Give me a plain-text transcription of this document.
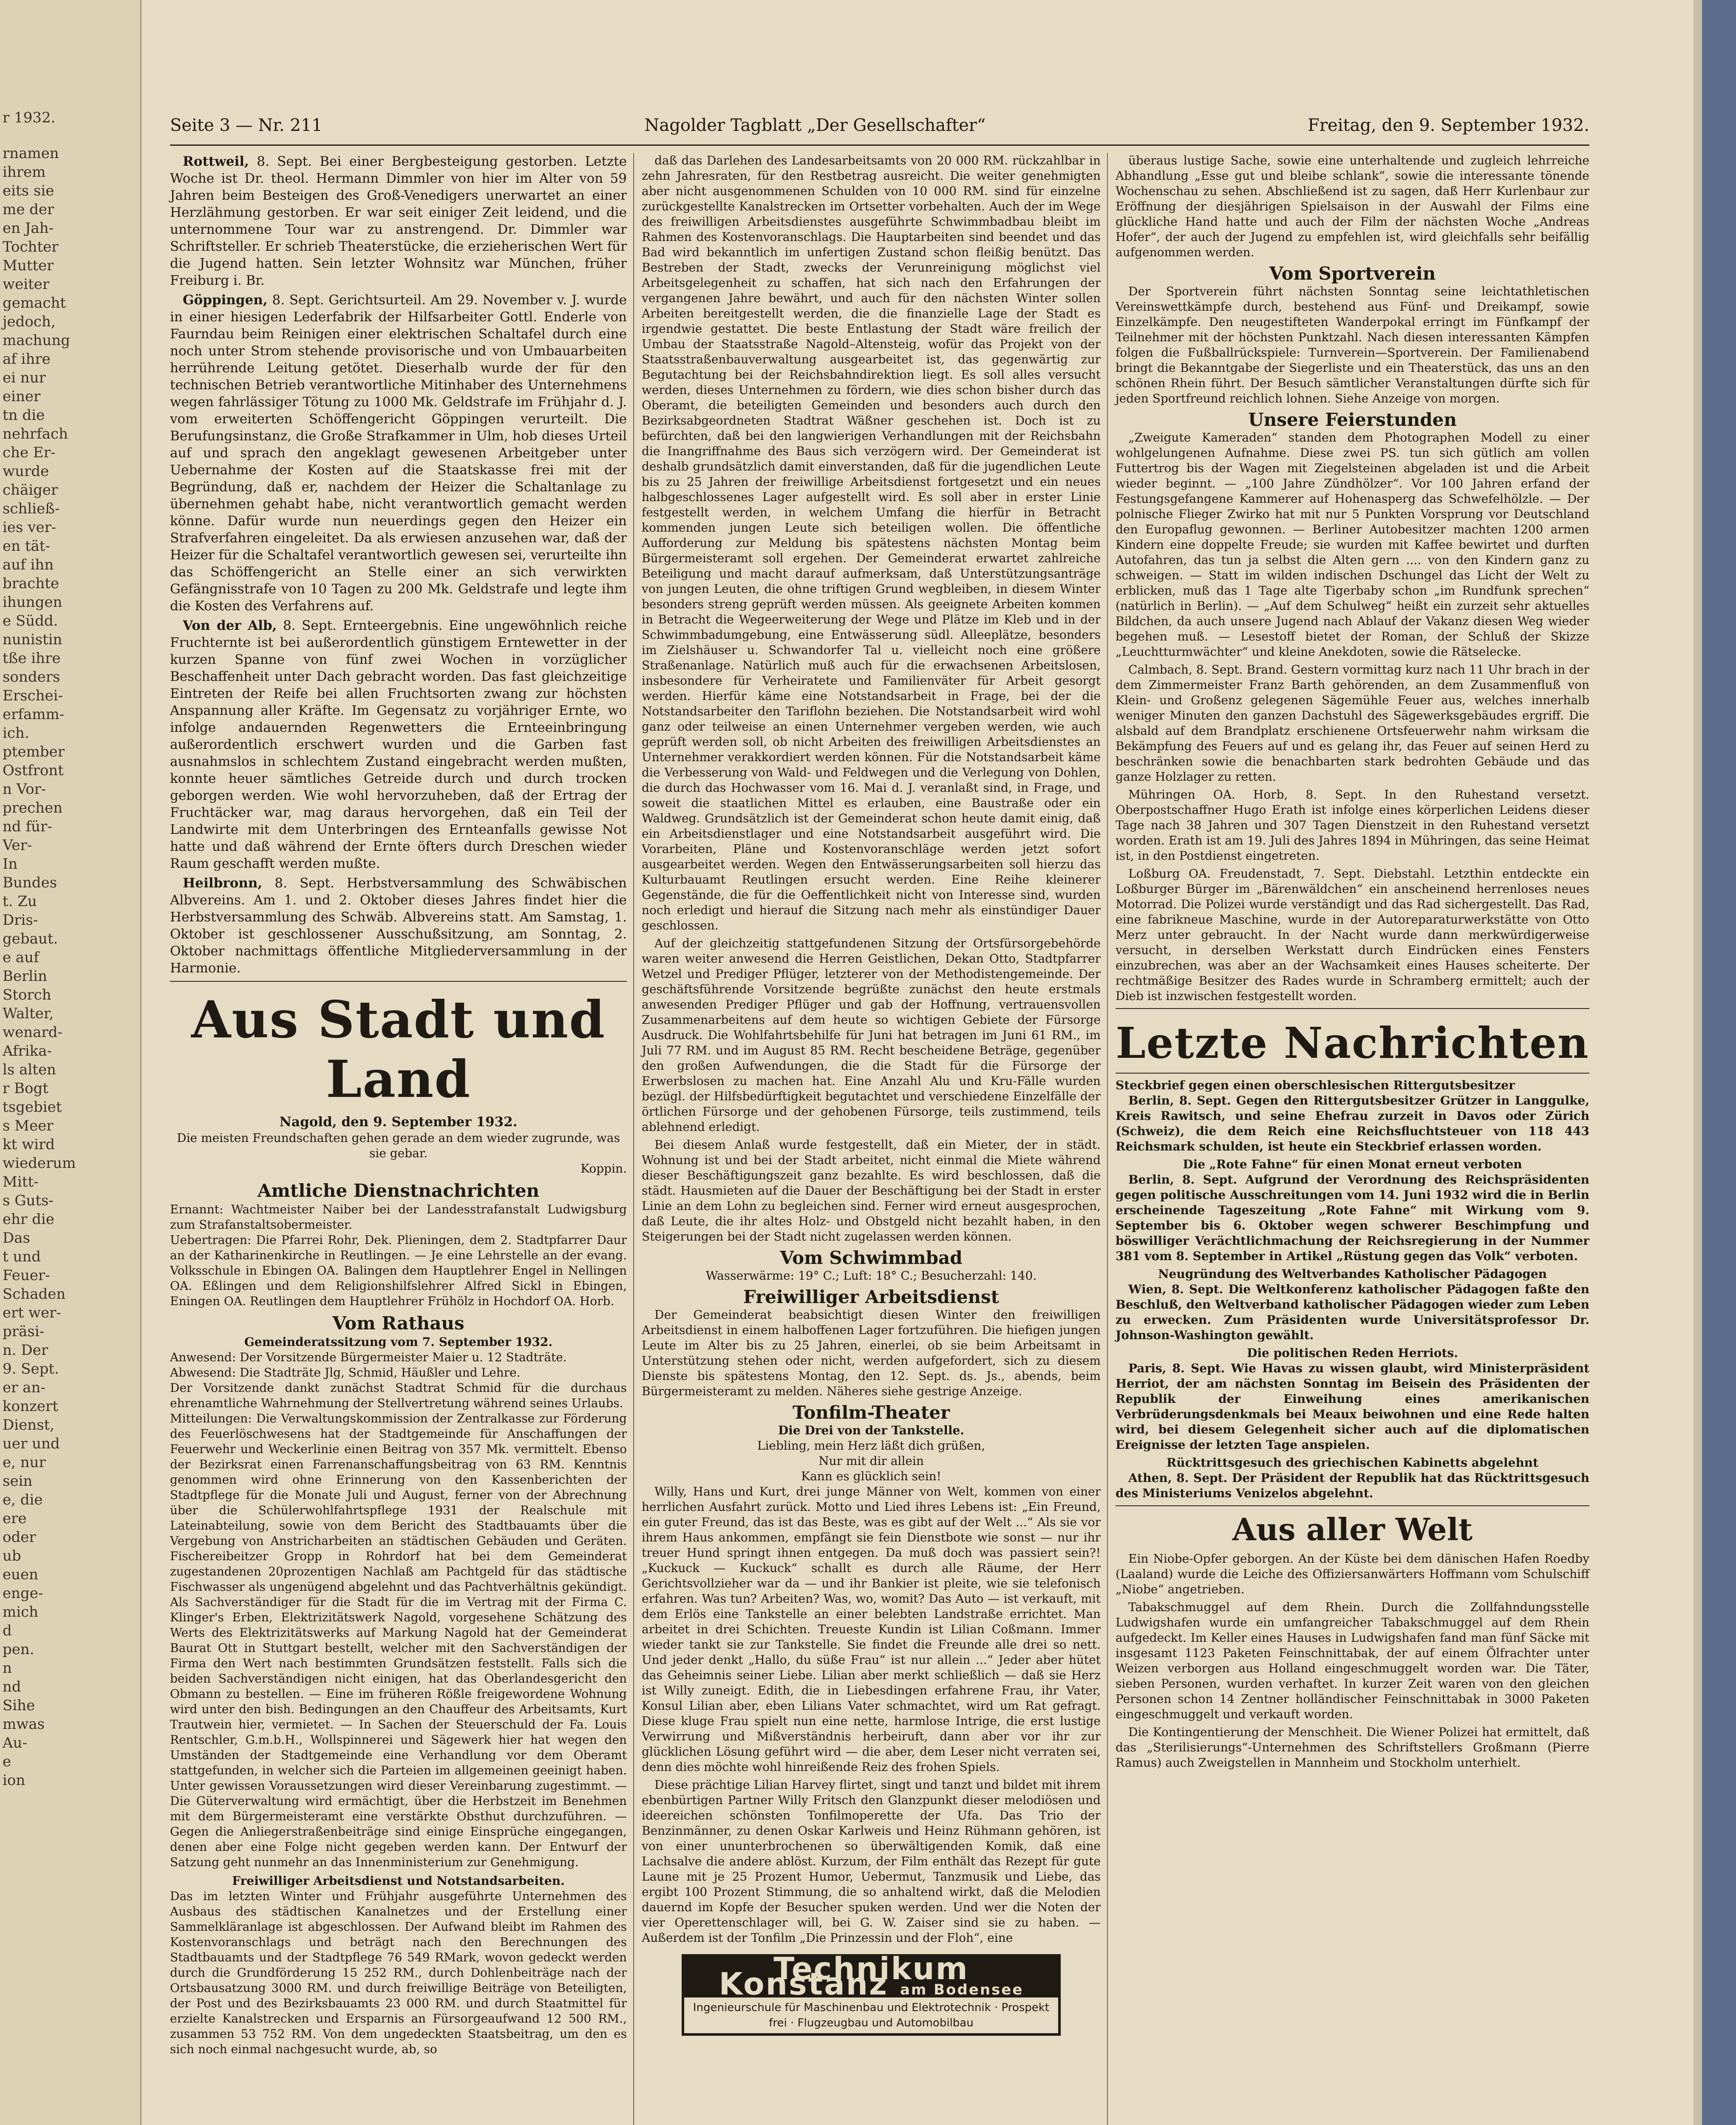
r 1932.
rnamen
ihrem
eits sie
me der
en Jah-
Tochter
Mutter
weiter
gemacht
jedoch,
machung
af ihre
ei nur
einer
tn die
nehrfach
che Er-
wurde
chäiger
schließ-
ies ver-
en tät-
auf ihn
brachte
ihungen
e Südd.
nunistin
tße ihre
sonders
Erschei-
erfamm-
ich.
ptember
Ostfront
n Vor-
prechen
nd für-
Ver-
In
Bundes
t. Zu
Dris-
gebaut.
e auf
Berlin
Storch
Walter,
wenard-
Afrika-
ls alten
r Bogt
tsgebiet
s Meer
kt wird
wiederum
Mitt-
s Guts-
ehr die
Das
t und
Feuer-
Schaden
ert wer-
präsi-
n. Der
9. Sept.
er an-
konzert
Dienst,
uer und
e, nur
sein
e, die
ere
oder
ub
euen
enge-
mich
d
pen.
n
nd
Sihe
mwas
Au-
e
ion
Seite 3 — Nr. 211	Nagolder Tagblatt „Der Gesellschafter“	Freitag, den 9. September 1932.

Rottweil, 8. Sept. Bei einer Bergbesteigung gestorben. Letzte Woche ist Dr. theol. Hermann Dimmler von hier im Alter von 59 Jahren beim Besteigen des Groß-Venedigers unerwartet an einer Herzlähmung gestorben. Er war seit einiger Zeit leidend, und die unternommene Tour war zu anstrengend. Dr. Dimmler war Schriftsteller. Er schrieb Theaterstücke, die erzieherischen Wert für die Jugend hatten. Sein letzter Wohnsitz war München, früher Freiburg i. Br.

Göppingen, 8. Sept. Gerichtsurteil. Am 29. November v. J. wurde in einer hiesigen Lederfabrik der Hilfsarbeiter Gottl. Enderle von Faurndau beim Reinigen einer elektrischen Schaltafel durch eine noch unter Strom stehende provisorische und von Umbauarbeiten herrührende Leitung getötet. Dieserhalb wurde der für den technischen Betrieb verantwortliche Mitinhaber des Unternehmens wegen fahrlässiger Tötung zu 1000 Mk. Geldstrafe im Frühjahr d. J. vom erweiterten Schöffengericht Göppingen verurteilt. Die Berufungsinstanz, die Große Strafkammer in Ulm, hob dieses Urteil auf und sprach den angeklagt gewesenen Arbeitgeber unter Uebernahme der Kosten auf die Staatskasse frei mit der Begründung, daß er, nachdem der Heizer die Schaltanlage zu übernehmen gehabt habe, nicht verantwortlich gemacht werden könne. Dafür wurde nun neuerdings gegen den Heizer ein Strafverfahren eingeleitet. Da als erwiesen anzusehen war, daß der Heizer für die Schaltafel verantwortlich gewesen sei, verurteilte ihn das Schöffengericht an Stelle einer an sich verwirkten Gefängnisstrafe von 10 Tagen zu 200 Mk. Geldstrafe und legte ihm die Kosten des Verfahrens auf.

Von der Alb, 8. Sept. Ernteergebnis. Eine ungewöhnlich reiche Fruchternte ist bei außerordentlich günstigem Erntewetter in der kurzen Spanne von fünf zwei Wochen in vorzüglicher Beschaffenheit unter Dach gebracht worden. Das fast gleichzeitige Eintreten der Reife bei allen Fruchtsorten zwang zur höchsten Anspannung aller Kräfte. Im Gegensatz zu vorjähriger Ernte, wo infolge andauernden Regenwetters die Ernteeinbringung außerordentlich erschwert wurden und die Garben fast ausnahmslos in schlechtem Zustand eingebracht werden mußten, konnte heuer sämtliches Getreide durch und durch trocken geborgen werden. Wie wohl hervorzuheben, daß der Ertrag der Fruchtäcker war, mag daraus hervorgehen, daß ein Teil der Landwirte mit dem Unterbringen des Ernteanfalls gewisse Not hatte und daß während der Ernte öfters durch Dreschen wieder Raum geschafft werden mußte.

Heilbronn, 8. Sept. Herbstversammlung des Schwäbischen Albvereins. Am 1. und 2. Oktober dieses Jahres findet hier die Herbstversammlung des Schwäb. Albvereins statt. Am Samstag, 1. Oktober ist geschlossener Ausschußsitzung, am Sonntag, 2. Oktober nachmittags öffentliche Mitgliederversammlung in der Harmonie.

Aus Stadt und Land
Nagold, den 9. September 1932.
Die meisten Freundschaften gehen gerade an dem wieder zugrunde, was sie gebar.
Koppin.
Amtliche Dienstnachrichten
Ernannt: Wachtmeister Naiber bei der Landesstrafanstalt Ludwigsburg zum Strafanstaltsobermeister.
Uebertragen: Die Pfarrei Rohr, Dek. Plieningen, dem 2. Stadtpfarrer Daur an der Katharinenkirche in Reutlingen. — Je eine Lehrstelle an der evang. Volksschule in Ebingen OA. Balingen dem Hauptlehrer Engel in Nellingen OA. Eßlingen und dem Religionshilfslehrer Alfred Sickl in Ebingen, Eningen OA. Reutlingen dem Hauptlehrer Frühölz in Hochdorf OA. Horb.
Vom Rathaus
Gemeinderatssitzung vom 7. September 1932.
Anwesend: Der Vorsitzende Bürgermeister Maier u. 12 Stadträte.
Abwesend: Die Stadträte Jlg, Schmid, Häußler und Lehre.
Der Vorsitzende dankt zunächst Stadtrat Schmid für die durchaus ehrenamtliche Wahrnehmung der Stellvertretung während seines Urlaubs.
Mitteilungen: Die Verwaltungskommission der Zentralkasse zur Förderung des Feuerlöschwesens hat der Stadtgemeinde für Anschaffungen der Feuerwehr und Weckerlinie einen Beitrag von 357 Mk. vermittelt. Ebenso der Bezirksrat einen Farrenanschaffungsbeitrag von 63 RM. Kenntnis genommen wird ohne Erinnerung von den Kassenberichten der Stadtpflege für die Monate Juli und August, ferner von der Abrechnung über die Schülerwohlfahrtspflege 1931 der Realschule mit Lateinabteilung, sowie von dem Bericht des Stadtbauamts über die Vergebung von Anstricharbeiten an städtischen Gebäuden und Geräten. Fischereibeitzer Gropp in Rohrdorf hat bei dem Gemeinderat zugestandenen 20prozentigen Nachlaß am Pachtgeld für das städtische Fischwasser als ungenügend abgelehnt und das Pachtverhältnis gekündigt. Als Sachverständiger für die Stadt für die im Vertrag mit der Firma C. Klinger's Erben, Elektrizitätswerk Nagold, vorgesehene Schätzung des Werts des Elektrizitätswerks auf Markung Nagold hat der Gemeinderat Baurat Ott in Stuttgart bestellt, welcher mit den Sachverständigen der Firma den Wert nach bestimmten Grundsätzen feststellt. Falls sich die beiden Sachverständigen nicht einigen, hat das Oberlandesgericht den Obmann zu bestellen. — Eine im früheren Rößle freigewordene Wohnung wird unter den bish. Bedingungen an den Chauffeur des Arbeitsamts, Kurt Trautwein hier, vermietet. — In Sachen der Steuerschuld der Fa. Louis Rentschler, G.m.b.H., Wollspinnerei und Sägewerk hier hat wegen den Umständen der Stadtgemeinde eine Verhandlung vor dem Oberamt stattgefunden, in welcher sich die Parteien im allgemeinen geeinigt haben. Unter gewissen Voraussetzungen wird dieser Vereinbarung zugestimmt. — Die Güterverwaltung wird ermächtigt, über die Herbstzeit im Benehmen mit dem Bürgermeisteramt eine verstärkte Obsthut durchzuführen. — Gegen die Anliegerstraßenbeiträge sind einige Einsprüche eingegangen, denen aber eine Folge nicht gegeben werden kann. Der Entwurf der Satzung geht nunmehr an das Innenministerium zur Genehmigung.
Freiwilliger Arbeitsdienst und Notstandsarbeiten.
Das im letzten Winter und Frühjahr ausgeführte Unternehmen des Ausbaus des städtischen Kanalnetzes und der Erstellung einer Sammelkläranlage ist abgeschlossen. Der Aufwand bleibt im Rahmen des Kostenvoranschlags und beträgt nach den Berechnungen des Stadtbauamts und der Stadtpflege 76 549 RMark, wovon gedeckt werden durch die Grundförderung 15 252 RM., durch Dohlenbeiträge nach der Ortsbausatzung 3000 RM. und durch freiwillige Beiträge von Beteiligten, der Post und des Bezirksbauamts 23 000 RM. und durch Staatmittel für erzielte Kanalstrecken und Ersparnis an Fürsorgeaufwand 12 500 RM., zusammen 53 752 RM. Von dem ungedeckten Staatsbeitrag, um den es sich noch einmal nachgesucht wurde, ab, so

daß das Darlehen des Landesarbeitsamts von 20 000 RM. rückzahlbar in zehn Jahresraten, für den Restbetrag ausreicht. Die weiter genehmigten aber nicht ausgenommenen Schulden von 10 000 RM. sind für einzelne zurückgestellte Kanalstrecken im Ortsetter vorbehalten. Auch der im Wege des freiwilligen Arbeitsdienstes ausgeführte Schwimmbadbau bleibt im Rahmen des Kostenvoranschlags. Die Hauptarbeiten sind beendet und das Bad wird bekanntlich im unfertigen Zustand schon fleißig benützt. Das Bestreben der Stadt, zwecks der Verunreinigung möglichst viel Arbeitsgelegenheit zu schaffen, hat sich nach den Erfahrungen der vergangenen Jahre bewährt, und auch für den nächsten Winter sollen Arbeiten bereitgestellt werden, die die finanzielle Lage der Stadt es irgendwie gestattet. Die beste Entlastung der Stadt wäre freilich der Umbau der Staatsstraße Nagold–Altensteig, wofür das Projekt von der Staatsstraßenbauverwaltung ausgearbeitet ist, das gegenwärtig zur Begutachtung bei der Reichsbahndirektion liegt. Es soll alles versucht werden, dieses Unternehmen zu fördern, wie dies schon bisher durch das Oberamt, die beteiligten Gemeinden und besonders auch durch den Bezirksabgeordneten Stadtrat Wäßner geschehen ist. Doch ist zu befürchten, daß bei den langwierigen Verhandlungen mit der Reichsbahn die Inangriffnahme des Baus sich verzögern wird. Der Gemeinderat ist deshalb grundsätzlich damit einverstanden, daß für die jugendlichen Leute bis zu 25 Jahren der freiwillige Arbeitsdienst fortgesetzt und ein neues halbgeschlossenes Lager aufgestellt wird. Es soll aber in erster Linie festgestellt werden, in welchem Umfang die hierfür in Betracht kommenden jungen Leute sich beteiligen wollen. Die öffentliche Aufforderung zur Meldung bis spätestens nächsten Montag beim Bürgermeisteramt soll ergehen. Der Gemeinderat erwartet zahlreiche Beteiligung und macht darauf aufmerksam, daß Unterstützungsanträge von jungen Leuten, die ohne triftigen Grund wegbleiben, in diesem Winter besonders streng geprüft werden müssen. Als geeignete Arbeiten kommen in Betracht die Wegeerweiterung der Wege und Plätze im Kleb und in der Schwimmbadumgebung, eine Entwässerung südl. Alleeplätze, besonders im Zielshäuser u. Schwandorfer Tal u. vielleicht noch eine größere Straßenanlage. Natürlich muß auch für die erwachsenen Arbeitslosen, insbesondere für Verheiratete und Familienväter für Arbeit gesorgt werden. Hierfür käme eine Notstandsarbeit in Frage, bei der die Notstandsarbeiter den Tariflohn beziehen. Die Notstandsarbeit wird wohl ganz oder teilweise an einen Unternehmer vergeben werden, wie auch geprüft werden soll, ob nicht Arbeiten des freiwilligen Arbeitsdienstes an Unternehmer verakkordiert werden können. Für die Notstandsarbeit käme die Verbesserung von Wald- und Feldwegen und die Verlegung von Dohlen, die durch das Hochwasser vom 16. Mai d. J. veranlaßt sind, in Frage, und soweit die staatlichen Mittel es erlauben, eine Baustraße oder ein Waldweg. Grundsätzlich ist der Gemeinderat schon heute damit einig, daß ein Arbeitsdienstlager und eine Notstandsarbeit ausgeführt wird. Die Vorarbeiten, Pläne und Kostenvoranschläge werden jetzt sofort ausgearbeitet werden. Wegen den Entwässerungsarbeiten soll hierzu das Kulturbauamt Reutlingen ersucht werden. Eine Reihe kleinerer Gegenstände, die für die Oeffentlichkeit nicht von Interesse sind, wurden noch erledigt und hierauf die Sitzung nach mehr als einstündiger Dauer geschlossen.

Auf der gleichzeitig stattgefundenen Sitzung der Ortsfürsorgebehörde waren weiter anwesend die Herren Geistlichen, Dekan Otto, Stadtpfarrer Wetzel und Prediger Pflüger, letzterer von der Methodistengemeinde. Der geschäftsführende Vorsitzende begrüßte zunächst den heute erstmals anwesenden Prediger Pflüger und gab der Hoffnung, vertrauensvollen Zusammenarbeitens auf dem heute so wichtigen Gebiete der Fürsorge Ausdruck. Die Wohlfahrtsbehilfe für Juni hat betragen im Juni 61 RM., im Juli 77 RM. und im August 85 RM. Recht bescheidene Beträge, gegenüber den großen Aufwendungen, die die Stadt für die Fürsorge der Erwerbslosen zu machen hat. Eine Anzahl Alu und Kru-Fälle wurden bezügl. der Hilfsbedürftigkeit begutachtet und verschiedene Einzelfälle der örtlichen Fürsorge und der gehobenen Fürsorge, teils zustimmend, teils ablehnend erledigt.

Bei diesem Anlaß wurde festgestellt, daß ein Mieter, der in städt. Wohnung ist und bei der Stadt arbeitet, nicht einmal die Miete während dieser Beschäftigungszeit ganz bezahlte. Es wird beschlossen, daß die städt. Hausmieten auf die Dauer der Beschäftigung bei der Stadt in erster Linie an dem Lohn zu begleichen sind. Ferner wird erneut ausgesprochen, daß Leute, die ihr altes Holz- und Obstgeld nicht bezahlt haben, in den Steigerungen bei der Stadt nicht zugelassen werden können.

Vom Schwimmbad
Wasserwärme: 19° C.; Luft: 18° C.; Besucherzahl: 140.
Freiwilliger Arbeitsdienst

Der Gemeinderat beabsichtigt diesen Winter den freiwilligen Arbeitsdienst in einem halboffenen Lager fortzuführen. Die hiefigen jungen Leute im Alter bis zu 25 Jahren, einerlei, ob sie beim Arbeitsamt in Unterstützung stehen oder nicht, werden aufgefordert, sich zu diesem Dienste bis spätestens Montag, den 12. Sept. ds. Js., abends, beim Bürgermeisteramt zu melden. Näheres siehe gestrige Anzeige.

Tonfilm-Theater
Die Drei von der Tankstelle.
Liebling, mein Herz läßt dich grüßen,
Nur mit dir allein
Kann es glücklich sein!

Willy, Hans und Kurt, drei junge Männer von Welt, kommen von einer herrlichen Ausfahrt zurück. Motto und Lied ihres Lebens ist: „Ein Freund, ein guter Freund, das ist das Beste, was es gibt auf der Welt ...“ Als sie vor ihrem Haus ankommen, empfängt sie fein Dienstbote wie sonst — nur ihr treuer Hund springt ihnen entgegen. Da muß doch was passiert sein?! „Kuckuck — Kuckuck“ schallt es durch alle Räume, der Herr Gerichtsvollzieher war da — und ihr Bankier ist pleite, wie sie telefonisch erfahren. Was tun? Arbeiten? Was, wo, womit? Das Auto — ist verkauft, mit dem Erlös eine Tankstelle an einer belebten Landstraße errichtet. Man arbeitet in drei Schichten. Treueste Kundin ist Lilian Coßmann. Immer wieder tankt sie zur Tankstelle. Sie findet die Freunde alle drei so nett. Und jeder denkt „Hallo, du süße Frau“ ist nur allein ...“ Jeder aber hütet das Geheimnis seiner Liebe. Lilian aber merkt schließlich — daß sie Herz ist Willy zuneigt. Edith, die in Liebesdingen erfahrene Frau, ihr Vater, Konsul Lilian aber, eben Lilians Vater schmachtet, wird um Rat gefragt. Diese kluge Frau spielt nun eine nette, harmlose Intrige, die erst lustige Verwirrung und Mißverständnis herbeiruft, dann aber vor ihr zur glücklichen Lösung geführt wird — die aber, dem Leser nicht verraten sei, denn dies möchte wohl hinreißende Reiz des frohen Spiels.

Diese prächtige Lilian Harvey flirtet, singt und tanzt und bildet mit ihrem ebenbürtigen Partner Willy Fritsch den Glanzpunkt dieser melodiösen und ideereichen schönsten Tonfilmoperette der Ufa. Das Trio der Benzinmänner, zu denen Oskar Karlweis und Heinz Rühmann gehören, ist von einer ununterbrochenen so überwältigenden Komik, daß eine Lachsalve die andere ablöst. Kurzum, der Film enthält das Rezept für gute Laune mit je 25 Prozent Humor, Uebermut, Tanzmusik und Liebe, das ergibt 100 Prozent Stimmung, die so anhaltend wirkt, daß die Melodien dauernd im Kopfe der Besucher spuken werden. Und wer die Noten der vier Operettenschlager will, bei G. W. Zaiser sind sie zu haben. — Außerdem ist der Tonfilm „Die Prinzessin und der Floh“, eine

Technikum Konstanz am Bodensee
Ingenieurschule für Maschinenbau und Elektrotechnik · Prospekt frei · Flugzeugbau und Automobilbau

überaus lustige Sache, sowie eine unterhaltende und zugleich lehrreiche Abhandlung „Esse gut und bleibe schlank“, sowie die interessante tönende Wochenschau zu sehen. Abschließend ist zu sagen, daß Herr Kurlenbaur zur Eröffnung der diesjährigen Spielsaison in der Auswahl der Films eine glückliche Hand hatte und auch der Film der nächsten Woche „Andreas Hofer“, der auch der Jugend zu empfehlen ist, wird gleichfalls sehr beifällig aufgenommen werden.

Vom Sportverein

Der Sportverein führt nächsten Sonntag seine leichtathletischen Vereinswettkämpfe durch, bestehend aus Fünf- und Dreikampf, sowie Einzelkämpfe. Den neugestifteten Wanderpokal erringt im Fünfkampf der Teilnehmer mit der höchsten Punktzahl. Nach diesen interessanten Kämpfen folgen die Fußballrückspiele: Turnverein—Sportverein. Der Familienabend bringt die Bekanntgabe der Siegerliste und ein Theaterstück, das uns an den schönen Rhein führt. Der Besuch sämtlicher Veranstaltungen dürfte sich für jeden Sportfreund reichlich lohnen. Siehe Anzeige von morgen.

Unsere Feierstunden

„Zweigute Kameraden“ standen dem Photographen Modell zu einer wohlgelungenen Aufnahme. Diese zwei PS. tun sich gütlich am vollen Futtertrog bis der Wagen mit Ziegelsteinen abgeladen ist und die Arbeit wieder beginnt. — „100 Jahre Zündhölzer“. Vor 100 Jahren erfand der Festungsgefangene Kammerer auf Hohenasperg das Schwefelhölzle. — Der polnische Flieger Zwirko hat mit nur 5 Punkten Vorsprung vor Deutschland den Europaflug gewonnen. — Berliner Autobesitzer machten 1200 armen Kindern eine doppelte Freude; sie wurden mit Kaffee bewirtet und durften Autofahren, das tun ja selbst die Alten gern .... von den Kindern ganz zu schweigen. — Statt im wilden indischen Dschungel das Licht der Welt zu erblicken, muß das 1 Tage alte Tigerbaby schon „im Rundfunk sprechen“ (natürlich in Berlin). — „Auf dem Schulweg“ heißt ein zurzeit sehr aktuelles Bildchen, da auch unsere Jugend nach Ablauf der Vakanz diesen Weg wieder begehen muß. — Lesestoff bietet der Roman, der Schluß der Skizze „Leuchtturmwächter“ und kleine Anekdoten, sowie die Rätselecke.

Calmbach, 8. Sept. Brand. Gestern vormittag kurz nach 11 Uhr brach in der dem Zimmermeister Franz Barth gehörenden, an dem Zusammenfluß von Klein- und Großenz gelegenen Sägemühle Feuer aus, welches innerhalb weniger Minuten den ganzen Dachstuhl des Sägewerksgebäudes ergriff. Die alsbald auf dem Brandplatz erschienene Ortsfeuerwehr nahm wirksam die Bekämpfung des Feuers auf und es gelang ihr, das Feuer auf seinen Herd zu beschränken sowie die benachbarten stark bedrohten Gebäude und das ganze Holzlager zu retten.

Mühringen OA. Horb, 8. Sept. In den Ruhestand versetzt. Oberpostschaffner Hugo Erath ist infolge eines körperlichen Leidens dieser Tage nach 38 Jahren und 307 Tagen Dienstzeit in den Ruhestand versetzt worden. Erath ist am 19. Juli des Jahres 1894 in Mühringen, das seine Heimat ist, in den Postdienst eingetreten.

Loßburg OA. Freudenstadt, 7. Sept. Diebstahl. Letzthin entdeckte ein Loßburger Bürger im „Bärenwäldchen“ ein anscheinend herrenloses neues Motorrad. Die Polizei wurde verständigt und das Rad sichergestellt. Das Rad, eine fabrikneue Maschine, wurde in der Autoreparaturwerkstätte von Otto Merz unter gebraucht. In der Nacht wurde dann merkwürdigerweise versucht, in derselben Werkstatt durch Eindrücken eines Fensters einzubrechen, was aber an der Wachsamkeit eines Hauses scheiterte. Der rechtmäßige Besitzer des Rades wurde in Schramberg ermittelt; auch der Dieb ist inzwischen festgestellt worden.

Letzte Nachrichten
Steckbrief gegen einen oberschlesischen Rittergutsbesitzer

Berlin, 8. Sept. Gegen den Rittergutsbesitzer Grützer in Langgulke, Kreis Rawitsch, und seine Ehefrau zurzeit in Davos oder Zürich (Schweiz), die dem Reich eine Reichsfluchtsteuer von 118 443 Reichsmark schulden, ist heute ein Steckbrief erlassen worden.

Die „Rote Fahne“ für einen Monat erneut verboten

Berlin, 8. Sept. Aufgrund der Verordnung des Reichspräsidenten gegen politische Ausschreitungen vom 14. Juni 1932 wird die in Berlin erscheinende Tageszeitung „Rote Fahne“ mit Wirkung vom 9. September bis 6. Oktober wegen schwerer Beschimpfung und böswilliger Verächtlichmachung der Reichsregierung in der Nummer 381 vom 8. September in Artikel „Rüstung gegen das Volk“ verboten.

Neugründung des Weltverbandes Katholischer Pädagogen

Wien, 8. Sept. Die Weltkonferenz katholischer Pädagogen faßte den Beschluß, den Weltverband katholischer Pädagogen wieder zum Leben zu erwecken. Zum Präsidenten wurde Universitätsprofessor Dr. Johnson-Washington gewählt.

Die politischen Reden Herriots.

Paris, 8. Sept. Wie Havas zu wissen glaubt, wird Ministerpräsident Herriot, der am nächsten Sonntag im Beisein des Präsidenten der Republik der Einweihung eines amerikanischen Verbrüderungsdenkmals bei Meaux beiwohnen und eine Rede halten wird, bei diesem Gelegenheit sicher auch auf die diplomatischen Ereignisse der letzten Tage anspielen.

Rücktrittsgesuch des griechischen Kabinetts abgelehnt

Athen, 8. Sept. Der Präsident der Republik hat das Rücktrittsgesuch des Ministeriums Venizelos abgelehnt.

Aus aller Welt

Ein Niobe-Opfer geborgen. An der Küste bei dem dänischen Hafen Roedby (Laaland) wurde die Leiche des Offiziersanwärters Hoffmann vom Schulschiff „Niobe“ angetrieben.

Tabakschmuggel auf dem Rhein. Durch die Zollfahndungsstelle Ludwigshafen wurde ein umfangreicher Tabakschmuggel auf dem Rhein aufgedeckt. Im Keller eines Hauses in Ludwigshafen fand man fünf Säcke mit insgesamt 1123 Paketen Feinschnittabak, der auf einem Ölfrachter unter Weizen verborgen aus Holland eingeschmuggelt worden war. Die Täter, sieben Personen, wurden verhaftet. In kurzer Zeit waren von den gleichen Personen schon 14 Zentner holländischer Feinschnittabak in 3000 Paketen eingeschmuggelt und verkauft worden.

Die Kontingentierung der Menschheit. Die Wiener Polizei hat ermittelt, daß das „Sterilisierungs“-Unternehmen des Schriftstellers Großmann (Pierre Ramus) auch Zweigstellen in Mannheim und Stockholm unterhielt.
